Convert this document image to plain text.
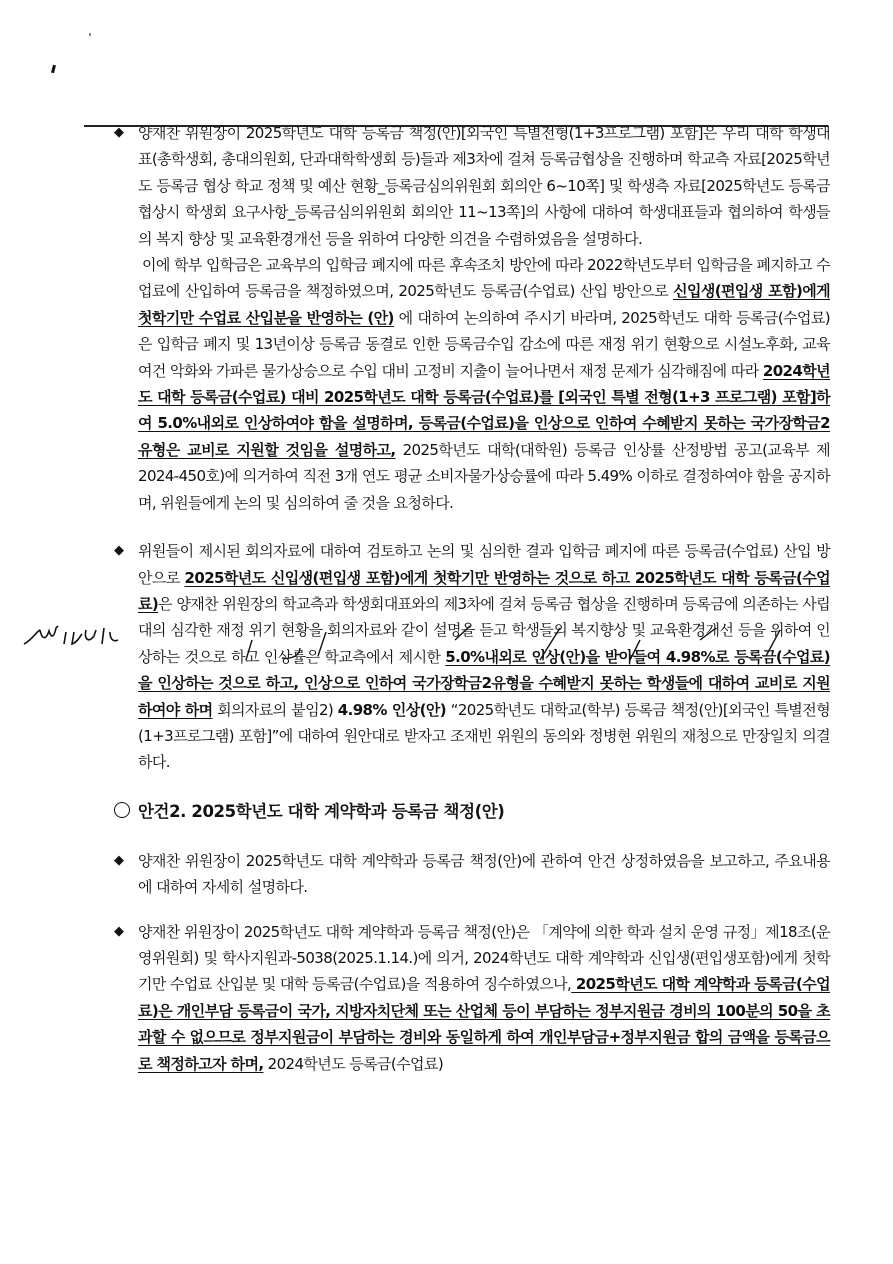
◆ 양재찬 위원장이 2025학년도 대학 등록금 책정(안)[외국인 특별전형(1+3프로그램) 포함]은 우리 대학 학생대표(총학생회, 총대의원회, 단과대학학생회 등)들과 제3차에 걸쳐 등록금협상을 진행하며 학교측 자료[2025학년도 등록금 협상 학교 정책 및 예산 현황_등록금심의위원회 회의안 6~10쪽] 및 학생측 자료[2025학년도 등록금 협상시 학생회 요구사항_등록금심의위원회 회의안 11~13쪽]의 사항에 대하여 학생대표들과 협의하여 학생들의 복지 향상 및 교육환경개선 등을 위하여 다양한 의견을 수렴하였음을 설명하다.

이에 학부 입학금은 교육부의 입학금 폐지에 따른 후속조치 방안에 따라 2022학년도부터 입학금을 폐지하고 수업료에 산입하여 등록금을 책정하였으며, 2025학년도 등록금(수업료) 산입 방안으로 신입생(편입생 포함)에게 첫학기만 수업료 산입분을 반영하는 (안) 에 대하여 논의하여 주시기 바라며, 2025학년도 대학 등록금(수업료)은 입학금 폐지 및 13년이상 등록금 동결로 인한 등록금수입 감소에 따른 재정 위기 현황으로 시설노후화, 교육여건 악화와 가파른 물가상승으로 수입 대비 고정비 지출이 늘어나면서 재정 문제가 심각해짐에 따라 2024학년도 대학 등록금(수업료) 대비 2025학년도 대학 등록금(수업료)를 [외국인 특별 전형(1+3 프로그램) 포함]하여 5.0%내외로 인상하여야 함을 설명하며, 등록금(수업료)을 인상으로 인하여 수혜받지 못하는 국가장학금2유형은 교비로 지원할 것임을 설명하고, 2025학년도 대학(대학원) 등록금 인상률 산정방법 공고(교육부 제2024-450호)에 의거하여 직전 3개 연도 평균 소비자물가상승률에 따라 5.49% 이하로 결정하여야 함을 공지하며, 위원들에게 논의 및 심의하여 줄 것을 요청하다.

◆ 위원들이 제시된 회의자료에 대하여 검토하고 논의 및 심의한 결과 입학금 폐지에 따른 등록금(수업료) 산입 방안으로 2025학년도 신입생(편입생 포함)에게 첫학기만 반영하는 것으로 하고 2025학년도 대학 등록금(수업료)은 양재찬 위원장의 학교측과 학생회대표와의 제3차에 걸쳐 등록금 협상을 진행하며 등록금에 의존하는 사립대의 심각한 재정 위기 현황을 회의자료와 같이 설명을 듣고 학생들의 복지향상 및 교육환경개선 등을 위하여 인상하는 것으로 하고 인상률은 학교측에서 제시한 5.0%내외로 인상(안)을 받아들여 4.98%로 등록금(수업료)을 인상하는 것으로 하고, 인상으로 인하여 국가장학금2유형을 수혜받지 못하는 학생들에 대하여 교비로 지원하여야 하며 회의자료의 붙임2) 4.98% 인상(안) “2025학년도 대학교(학부) 등록금 책정(안)[외국인 특별전형(1+3프로그램) 포함]”에 대하여 원안대로 받자고 조재빈 위원의 동의와 정병현 위원의 재청으로 만장일치 의결하다.

안건2. 2025학년도 대학 계약학과 등록금 책정(안)

◆ 양재찬 위원장이 2025학년도 대학 계약학과 등록금 책정(안)에 관하여 안건 상정하였음을 보고하고, 주요내용에 대하여 자세히 설명하다.

◆ 양재찬 위원장이 2025학년도 대학 계약학과 등록금 책정(안)은 「계약에 의한 학과 설치 운영 규정」제18조(운영위원회) 및 학사지원과-5038(2025.1.14.)에 의거, 2024학년도 대학 계약학과 신입생(편입생포함)에게 첫학기만 수업료 산입분 및 대학 등록금(수업료)을 적용하여 징수하였으나, 2025학년도 대학 계약학과 등록금(수업료)은 개인부담 등록금이 국가, 지방자치단체 또는 산업체 등이 부담하는 정부지원금 경비의 100분의 50을 초과할 수 없으므로 정부지원금이 부담하는 경비와 동일하게 하여 개인부담금+정부지원금 합의 금액을 등록금으로 책정하고자 하며, 2024학년도 등록금(수업료)
